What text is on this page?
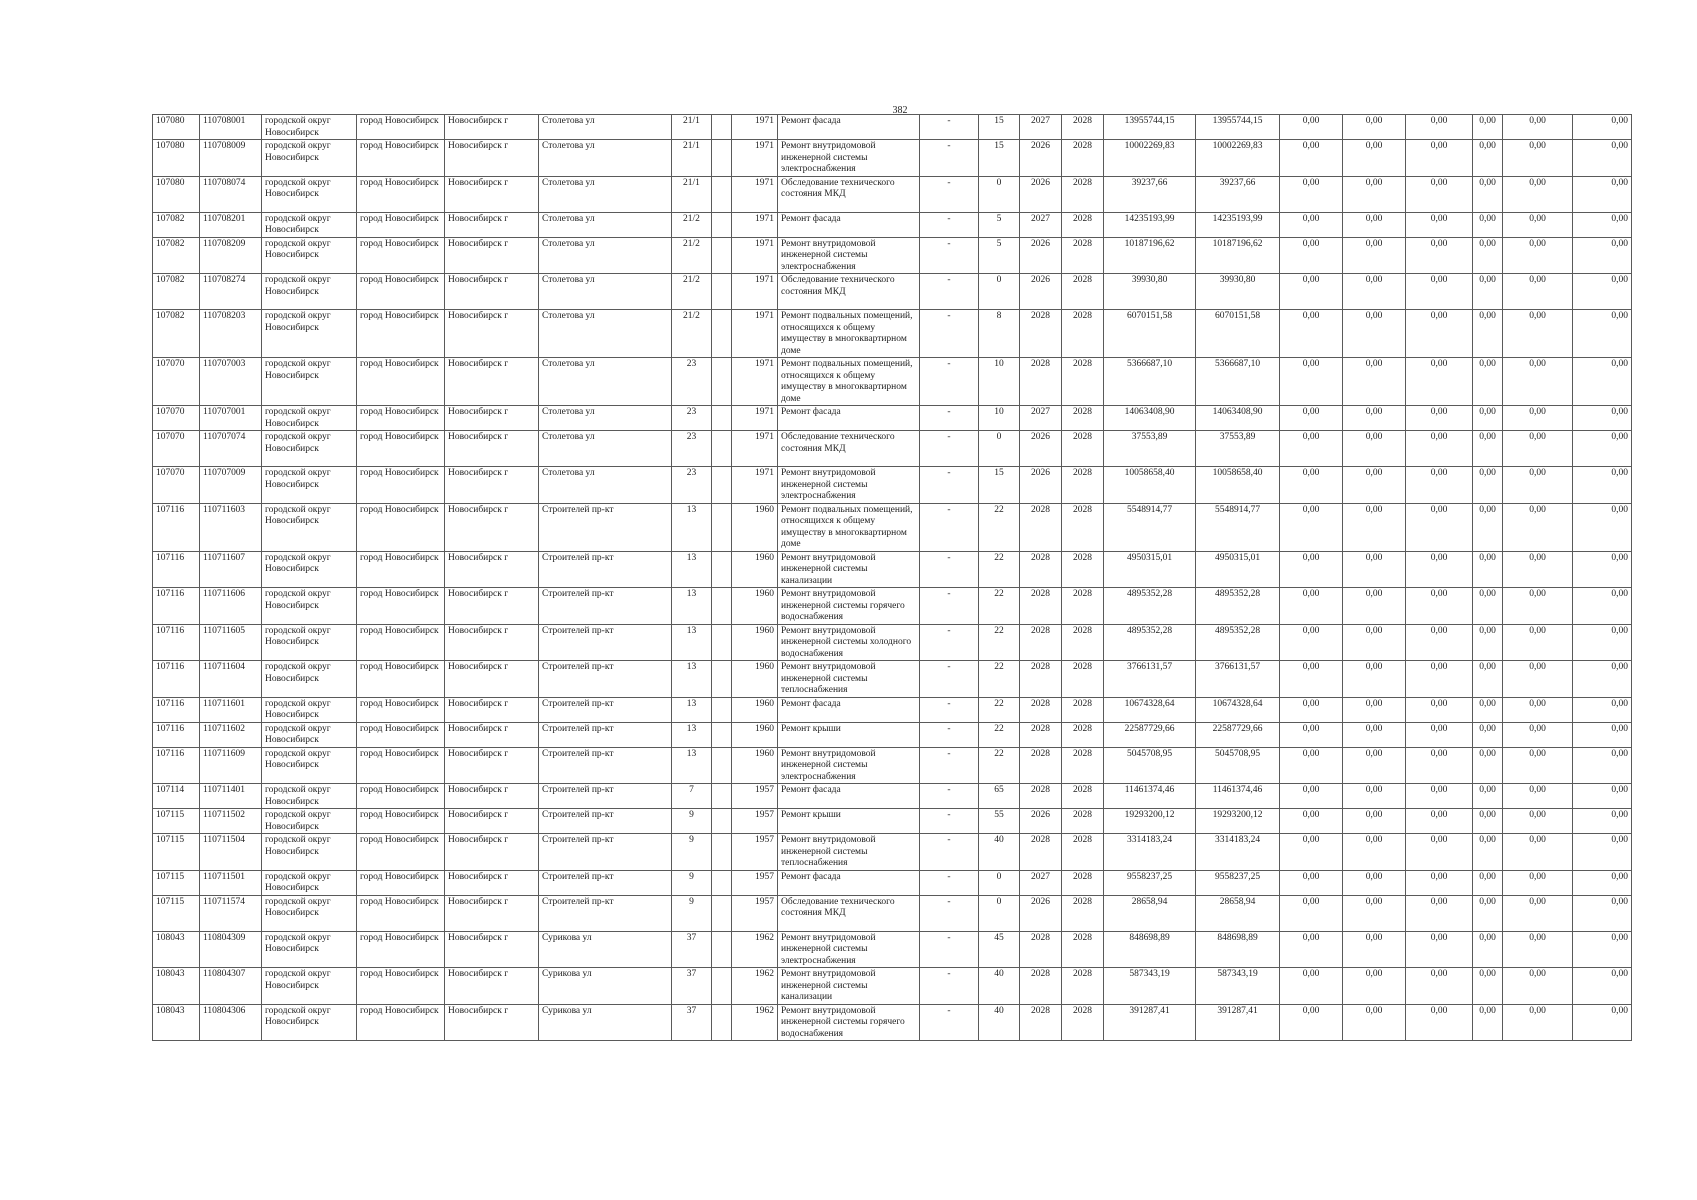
382
107080	110708001	городской округ Новосибирск	город Новосибирск	Новосибирск г	Столетова ул	21/1		1971	Ремонт фасада	-	15	2027	2028	13955744,15	13955744,15	0,00	0,00	0,00	0,00	0,00	0,00
107080	110708009	городской округ Новосибирск	город Новосибирск	Новосибирск г	Столетова ул	21/1		1971	Ремонт внутридомовой инженерной системы электроснабжения	-	15	2026	2028	10002269,83	10002269,83	0,00	0,00	0,00	0,00	0,00	0,00
107080	110708074	городской округ Новосибирск	город Новосибирск	Новосибирск г	Столетова ул	21/1		1971	Обследование технического состояния МКД	-	0	2026	2028	39237,66	39237,66	0,00	0,00	0,00	0,00	0,00	0,00
107082	110708201	городской округ Новосибирск	город Новосибирск	Новосибирск г	Столетова ул	21/2		1971	Ремонт фасада	-	5	2027	2028	14235193,99	14235193,99	0,00	0,00	0,00	0,00	0,00	0,00
107082	110708209	городской округ Новосибирск	город Новосибирск	Новосибирск г	Столетова ул	21/2		1971	Ремонт внутридомовой инженерной системы электроснабжения	-	5	2026	2028	10187196,62	10187196,62	0,00	0,00	0,00	0,00	0,00	0,00
107082	110708274	городской округ Новосибирск	город Новосибирск	Новосибирск г	Столетова ул	21/2		1971	Обследование технического состояния МКД	-	0	2026	2028	39930,80	39930,80	0,00	0,00	0,00	0,00	0,00	0,00
107082	110708203	городской округ Новосибирск	город Новосибирск	Новосибирск г	Столетова ул	21/2		1971	Ремонт подвальных помещений, относящихся к общему имуществу в многоквартирном доме	-	8	2028	2028	6070151,58	6070151,58	0,00	0,00	0,00	0,00	0,00	0,00
107070	110707003	городской округ Новосибирск	город Новосибирск	Новосибирск г	Столетова ул	23		1971	Ремонт подвальных помещений, относящихся к общему имуществу в многоквартирном доме	-	10	2028	2028	5366687,10	5366687,10	0,00	0,00	0,00	0,00	0,00	0,00
107070	110707001	городской округ Новосибирск	город Новосибирск	Новосибирск г	Столетова ул	23		1971	Ремонт фасада	-	10	2027	2028	14063408,90	14063408,90	0,00	0,00	0,00	0,00	0,00	0,00
107070	110707074	городской округ Новосибирск	город Новосибирск	Новосибирск г	Столетова ул	23		1971	Обследование технического состояния МКД	-	0	2026	2028	37553,89	37553,89	0,00	0,00	0,00	0,00	0,00	0,00
107070	110707009	городской округ Новосибирск	город Новосибирск	Новосибирск г	Столетова ул	23		1971	Ремонт внутридомовой инженерной системы электроснабжения	-	15	2026	2028	10058658,40	10058658,40	0,00	0,00	0,00	0,00	0,00	0,00
107116	110711603	городской округ Новосибирск	город Новосибирск	Новосибирск г	Строителей пр-кт	13		1960	Ремонт подвальных помещений, относящихся к общему имуществу в многоквартирном доме	-	22	2028	2028	5548914,77	5548914,77	0,00	0,00	0,00	0,00	0,00	0,00
107116	110711607	городской округ Новосибирск	город Новосибирск	Новосибирск г	Строителей пр-кт	13		1960	Ремонт внутридомовой инженерной системы канализации	-	22	2028	2028	4950315,01	4950315,01	0,00	0,00	0,00	0,00	0,00	0,00
107116	110711606	городской округ Новосибирск	город Новосибирск	Новосибирск г	Строителей пр-кт	13		1960	Ремонт внутридомовой инженерной системы горячего водоснабжения	-	22	2028	2028	4895352,28	4895352,28	0,00	0,00	0,00	0,00	0,00	0,00
107116	110711605	городской округ Новосибирск	город Новосибирск	Новосибирск г	Строителей пр-кт	13		1960	Ремонт внутридомовой инженерной системы холодного водоснабжения	-	22	2028	2028	4895352,28	4895352,28	0,00	0,00	0,00	0,00	0,00	0,00
107116	110711604	городской округ Новосибирск	город Новосибирск	Новосибирск г	Строителей пр-кт	13		1960	Ремонт внутридомовой инженерной системы теплоснабжения	-	22	2028	2028	3766131,57	3766131,57	0,00	0,00	0,00	0,00	0,00	0,00
107116	110711601	городской округ Новосибирск	город Новосибирск	Новосибирск г	Строителей пр-кт	13		1960	Ремонт фасада	-	22	2028	2028	10674328,64	10674328,64	0,00	0,00	0,00	0,00	0,00	0,00
107116	110711602	городской округ Новосибирск	город Новосибирск	Новосибирск г	Строителей пр-кт	13		1960	Ремонт крыши	-	22	2028	2028	22587729,66	22587729,66	0,00	0,00	0,00	0,00	0,00	0,00
107116	110711609	городской округ Новосибирск	город Новосибирск	Новосибирск г	Строителей пр-кт	13		1960	Ремонт внутридомовой инженерной системы электроснабжения	-	22	2028	2028	5045708,95	5045708,95	0,00	0,00	0,00	0,00	0,00	0,00
107114	110711401	городской округ Новосибирск	город Новосибирск	Новосибирск г	Строителей пр-кт	7		1957	Ремонт фасада	-	65	2028	2028	11461374,46	11461374,46	0,00	0,00	0,00	0,00	0,00	0,00
107115	110711502	городской округ Новосибирск	город Новосибирск	Новосибирск г	Строителей пр-кт	9		1957	Ремонт крыши	-	55	2026	2028	19293200,12	19293200,12	0,00	0,00	0,00	0,00	0,00	0,00
107115	110711504	городской округ Новосибирск	город Новосибирск	Новосибирск г	Строителей пр-кт	9		1957	Ремонт внутридомовой инженерной системы теплоснабжения	-	40	2028	2028	3314183,24	3314183,24	0,00	0,00	0,00	0,00	0,00	0,00
107115	110711501	городской округ Новосибирск	город Новосибирск	Новосибирск г	Строителей пр-кт	9		1957	Ремонт фасада	-	0	2027	2028	9558237,25	9558237,25	0,00	0,00	0,00	0,00	0,00	0,00
107115	110711574	городской округ Новосибирск	город Новосибирск	Новосибирск г	Строителей пр-кт	9		1957	Обследование технического состояния МКД	-	0	2026	2028	28658,94	28658,94	0,00	0,00	0,00	0,00	0,00	0,00
108043	110804309	городской округ Новосибирск	город Новосибирск	Новосибирск г	Сурикова ул	37		1962	Ремонт внутридомовой инженерной системы электроснабжения	-	45	2028	2028	848698,89	848698,89	0,00	0,00	0,00	0,00	0,00	0,00
108043	110804307	городской округ Новосибирск	город Новосибирск	Новосибирск г	Сурикова ул	37		1962	Ремонт внутридомовой инженерной системы канализации	-	40	2028	2028	587343,19	587343,19	0,00	0,00	0,00	0,00	0,00	0,00
108043	110804306	городской округ Новосибирск	город Новосибирск	Новосибирск г	Сурикова ул	37		1962	Ремонт внутридомовой инженерной системы горячего водоснабжения	-	40	2028	2028	391287,41	391287,41	0,00	0,00	0,00	0,00	0,00	0,00
